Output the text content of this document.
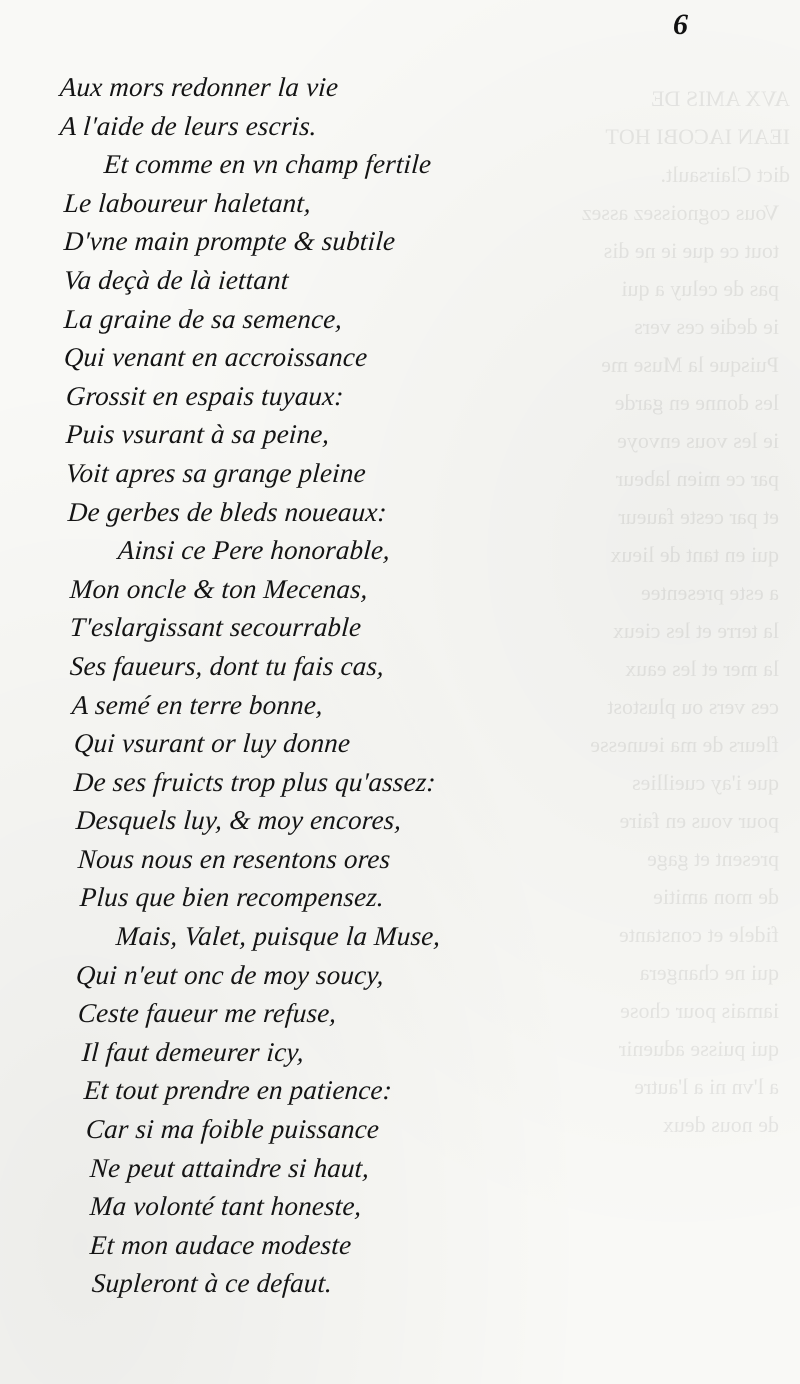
AVX AMIS DE
IEAN IACOBI HOT
dict Clairsault.
Vous cognoissez assez
tout ce que ie ne dis
pas de celuy a qui
ie dedie ces vers
Puisque la Muse me
les donne en garde
ie les vous envoye
par ce mien labeur
et par ceste faueur
qui en tant de lieux
a este presentee
la terre et les cieux
la mer et les eaux
ces vers ou plustost
fleurs de ma ieunesse
que i'ay cueillies
pour vous en faire
present et gage
de mon amitie
fidele et constante
qui ne changera
iamais pour chose
qui puisse aduenir
a l'vn ni a l'autre
de nous deux
6
Aux mors redonner la vie
A l'aide de leurs escris.
Et comme en vn champ fertile
Le laboureur haletant,
D'vne main prompte & subtile
Va deçà de là iettant
La graine de sa semence,
Qui venant en accroissance
Grossit en espais tuyaux:
Puis vsurant à sa peine,
Voit apres sa grange pleine
De gerbes de bleds noueaux:
Ainsi ce Pere honorable,
Mon oncle & ton Mecenas,
T'eslargissant secourrable
Ses faueurs, dont tu fais cas,
A semé en terre bonne,
Qui vsurant or luy donne
De ses fruicts trop plus qu'assez:
Desquels luy, & moy encores,
Nous nous en resentons ores
Plus que bien recompensez.
Mais, Valet, puisque la Muse,
Qui n'eut onc de moy soucy,
Ceste faueur me refuse,
Il faut demeurer icy,
Et tout prendre en patience:
Car si ma foible puissance
Ne peut attaindre si haut,
Ma volonté tant honeste,
Et mon audace modeste
Supleront à ce defaut.
